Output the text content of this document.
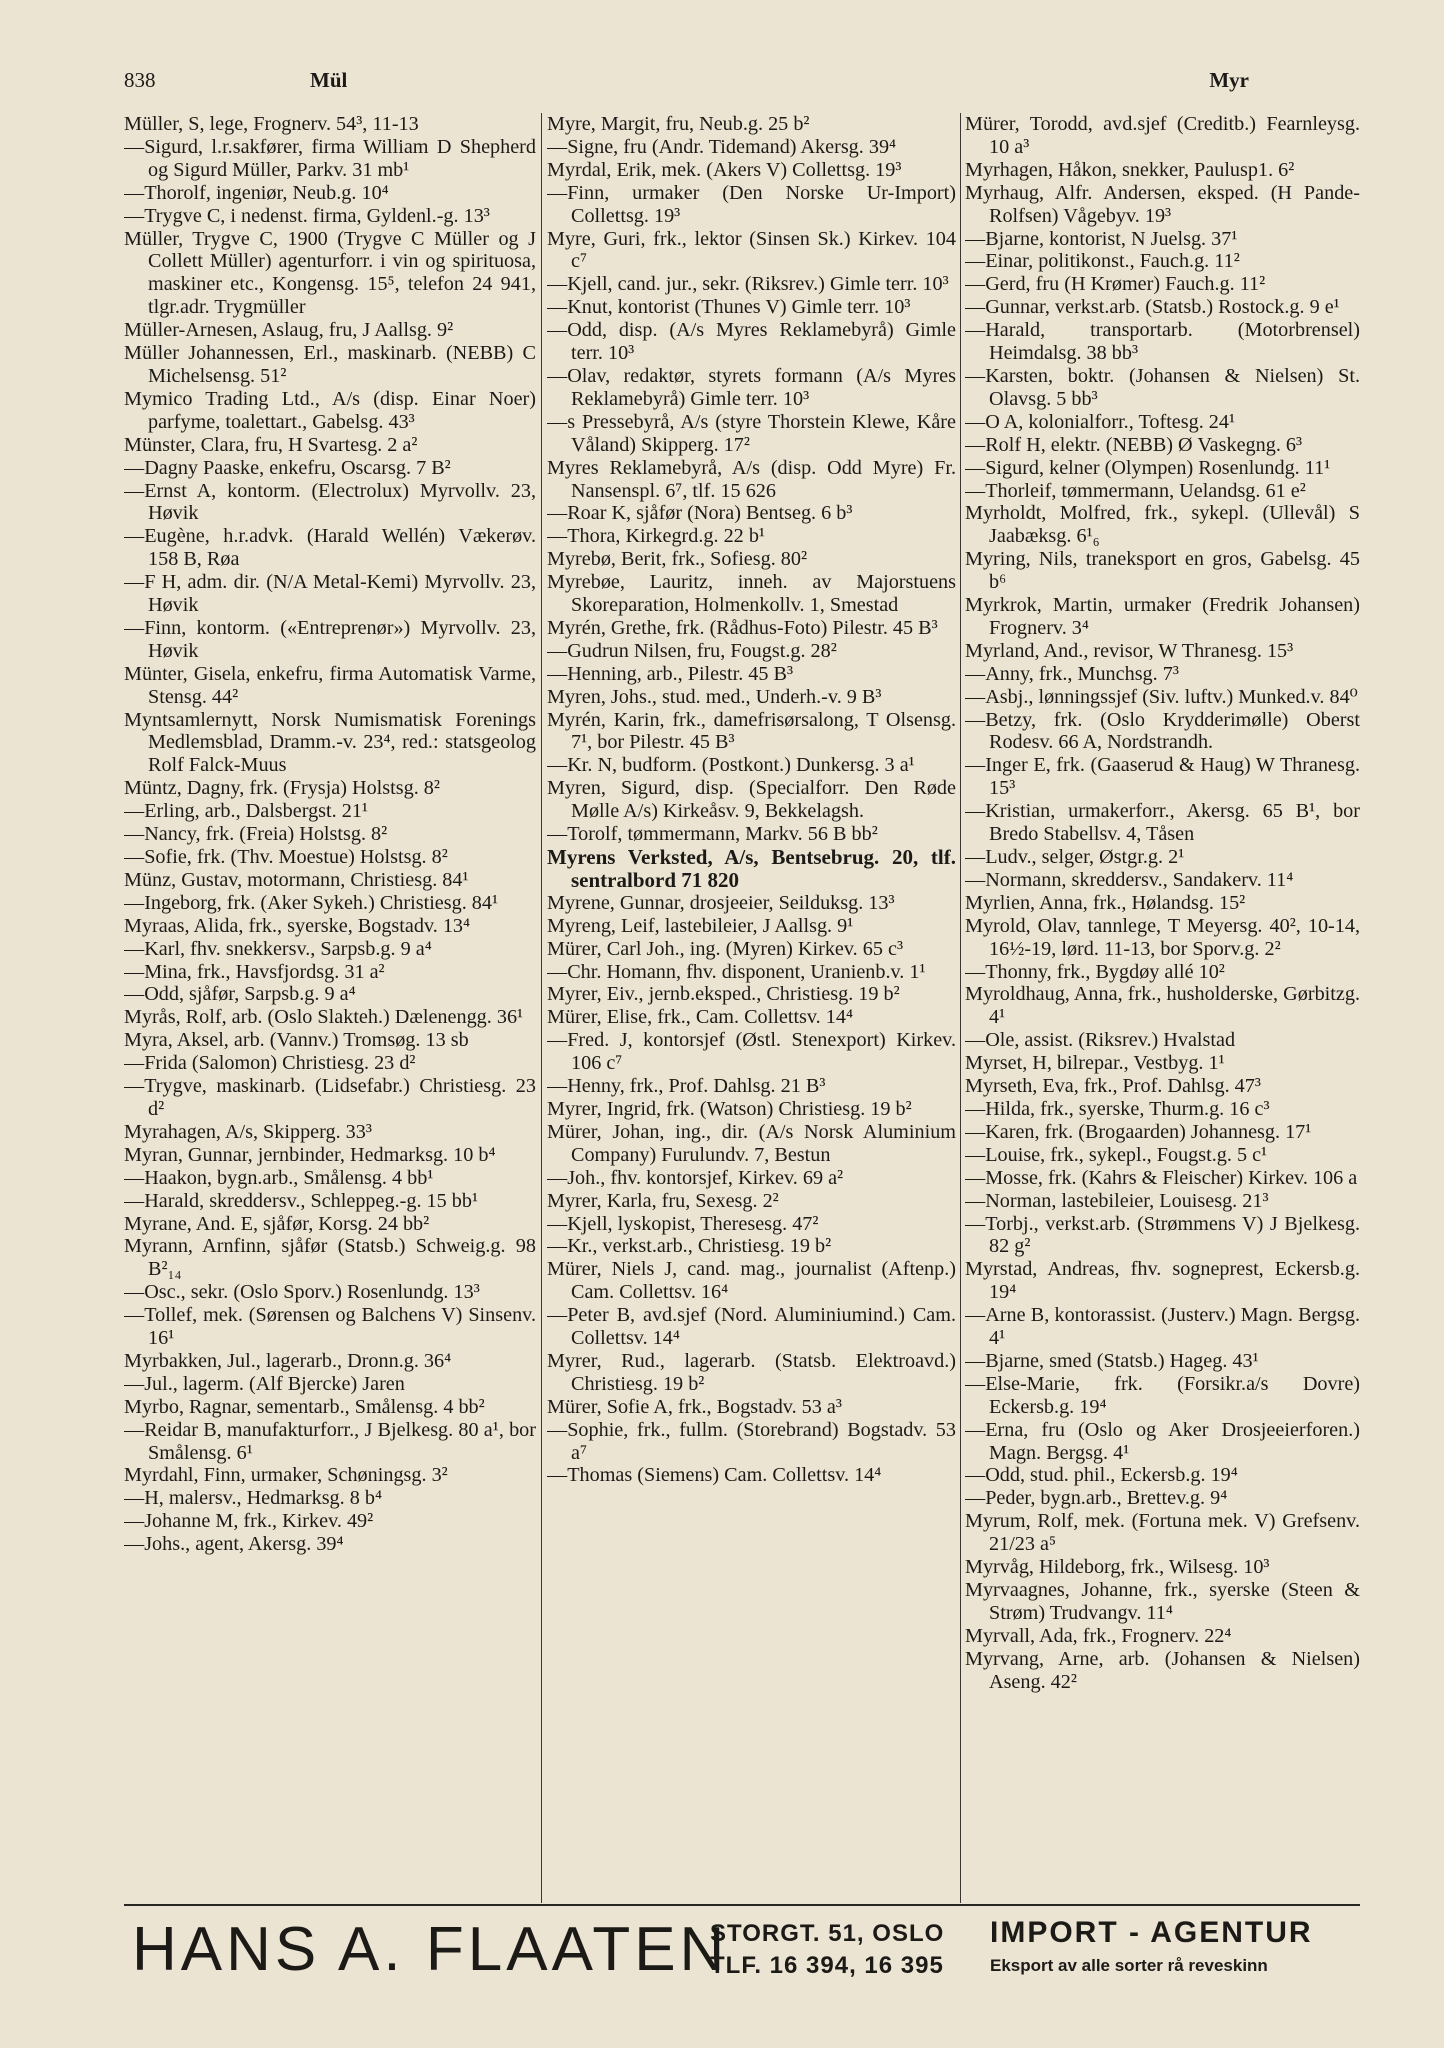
838	Mül	Myr
Müller, S, lege, Frognerv. 54³, 11-13
—Sigurd, l.r.sakfører, firma William D Shepherd og Sigurd Müller, Parkv. 31 mb¹
—Thorolf, ingeniør, Neub.g. 10⁴
—Trygve C, i nedenst. firma, Gyldenl.-g. 13³
Müller, Trygve C, 1900 (Trygve C Müller og J Collett Müller) agenturforr. i vin og spirituosa, maskiner etc., Kongensg. 15⁵, telefon 24 941, tlgr.adr. Trygmüller
Müller-Arnesen, Aslaug, fru, J Aallsg. 9²
Müller Johannessen, Erl., maskinarb. (NEBB) C Michelsensg. 51²
Mymico Trading Ltd., A/s (disp. Einar Noer) parfyme, toalettart., Gabelsg. 43³
Münster, Clara, fru, H Svartesg. 2 a²
—Dagny Paaske, enkefru, Oscarsg. 7 B²
—Ernst A, kontorm. (Electrolux) Myrvollv. 23, Høvik
—Eugène, h.r.advk. (Harald Wellén) Vækerøv. 158 B, Røa
—F H, adm. dir. (N/A Metal-Kemi) Myrvollv. 23, Høvik
—Finn, kontorm. («Entreprenør») Myrvollv. 23, Høvik
Münter, Gisela, enkefru, firma Automatisk Varme, Stensg. 44²
Myntsamlernytt, Norsk Numismatisk Forenings Medlemsblad, Dramm.-v. 23⁴, red.: statsgeolog Rolf Falck-Muus
Müntz, Dagny, frk. (Frysja) Holstsg. 8²
—Erling, arb., Dalsbergst. 21¹
—Nancy, frk. (Freia) Holstsg. 8²
—Sofie, frk. (Thv. Moestue) Holstsg. 8²
Münz, Gustav, motormann, Christiesg. 84¹
—Ingeborg, frk. (Aker Sykeh.) Christiesg. 84¹
Myraas, Alida, frk., syerske, Bogstadv. 13⁴
—Karl, fhv. snekkersv., Sarpsb.g. 9 a⁴
—Mina, frk., Havsfjordsg. 31 a²
—Odd, sjåfør, Sarpsb.g. 9 a⁴
Myrås, Rolf, arb. (Oslo Slakteh.) Dælenengg. 36¹
Myra, Aksel, arb. (Vannv.) Tromsøg. 13 sb
—Frida (Salomon) Christiesg. 23 d²
—Trygve, maskinarb. (Lidsefabr.) Christiesg. 23 d²
Myrahagen, A/s, Skipperg. 33³
Myran, Gunnar, jernbinder, Hedmarksg. 10 b⁴
—Haakon, bygn.arb., Smålensg. 4 bb¹
—Harald, skreddersv., Schleppeg.-g. 15 bb¹
Myrane, And. E, sjåfør, Korsg. 24 bb²
Myrann, Arnfinn, sjåfør (Statsb.) Schweig.g. 98 B²₁₄
—Osc., sekr. (Oslo Sporv.) Rosenlundg. 13³
—Tollef, mek. (Sørensen og Balchens V) Sinsenv. 16¹
Myrbakken, Jul., lagerarb., Dronn.g. 36⁴
—Jul., lagerm. (Alf Bjercke) Jaren
Myrbo, Ragnar, sementarb., Smålensg. 4 bb²
—Reidar B, manufakturforr., J Bjelkesg. 80 a¹, bor Smålensg. 6¹
Myrdahl, Finn, urmaker, Schøningsg. 3²
—H, malersv., Hedmarksg. 8 b⁴
—Johanne M, frk., Kirkev. 49²
—Johs., agent, Akersg. 39⁴
Myre, Margit, fru, Neub.g. 25 b²
—Signe, fru (Andr. Tidemand) Akersg. 39⁴
Myrdal, Erik, mek. (Akers V) Collettsg. 19³
—Finn, urmaker (Den Norske Ur-Import) Collettsg. 19³
Myre, Guri, frk., lektor (Sinsen Sk.) Kirkev. 104 c⁷
—Kjell, cand. jur., sekr. (Riksrev.) Gimle terr. 10³
—Knut, kontorist (Thunes V) Gimle terr. 10³
—Odd, disp. (A/s Myres Reklamebyrå) Gimle terr. 10³
—Olav, redaktør, styrets formann (A/s Myres Reklamebyrå) Gimle terr. 10³
—s Pressebyrå, A/s (styre Thorstein Klewe, Kåre Våland) Skipperg. 17²
Myres Reklamebyrå, A/s (disp. Odd Myre) Fr. Nansenspl. 6⁷, tlf. 15 626
—Roar K, sjåfør (Nora) Bentseg. 6 b³
—Thora, Kirkegrd.g. 22 b¹
Myrebø, Berit, frk., Sofiesg. 80²
Myrebøe, Lauritz, inneh. av Majorstuens Skoreparation, Holmenkollv. 1, Smestad
Myrén, Grethe, frk. (Rådhus-Foto) Pilestr. 45 B³
—Gudrun Nilsen, fru, Fougst.g. 28²
—Henning, arb., Pilestr. 45 B³
Myren, Johs., stud. med., Underh.-v. 9 B³
Myrén, Karin, frk., damefrisørsalong, T Olsensg. 7¹, bor Pilestr. 45 B³
—Kr. N, budform. (Postkont.) Dunkersg. 3 a¹
Myren, Sigurd, disp. (Specialforr. Den Røde Mølle A/s) Kirkeåsv. 9, Bekkelagsh.
—Torolf, tømmermann, Markv. 56 B bb²
Myrens Verksted, A/s, Bentsebrug. 20, tlf. sentralbord 71 820
Myrene, Gunnar, drosjeeier, Seilduksg. 13³
Myreng, Leif, lastebileier, J Aallsg. 9¹
Mürer, Carl Joh., ing. (Myren) Kirkev. 65 c³
—Chr. Homann, fhv. disponent, Uranienb.v. 1¹
Myrer, Eiv., jernb.eksped., Christiesg. 19 b²
Mürer, Elise, frk., Cam. Collettsv. 14⁴
—Fred. J, kontorsjef (Østl. Stenexport) Kirkev. 106 c⁷
—Henny, frk., Prof. Dahlsg. 21 B³
Myrer, Ingrid, frk. (Watson) Christiesg. 19 b²
Mürer, Johan, ing., dir. (A/s Norsk Aluminium Company) Furulundv. 7, Bestun
—Joh., fhv. kontorsjef, Kirkev. 69 a²
Myrer, Karla, fru, Sexesg. 2²
—Kjell, lyskopist, Theresesg. 47²
—Kr., verkst.arb., Christiesg. 19 b²
Mürer, Niels J, cand. mag., journalist (Aftenp.) Cam. Collettsv. 16⁴
—Peter B, avd.sjef (Nord. Aluminiumind.) Cam. Collettsv. 14⁴
Myrer, Rud., lagerarb. (Statsb. Elektroavd.) Christiesg. 19 b²
Mürer, Sofie A, frk., Bogstadv. 53 a³
—Sophie, frk., fullm. (Storebrand) Bogstadv. 53 a⁷
—Thomas (Siemens) Cam. Collettsv. 14⁴
Mürer, Torodd, avd.sjef (Creditb.) Fearnleysg. 10 a³
Myrhagen, Håkon, snekker, Paulusp1. 6²
Myrhaug, Alfr. Andersen, eksped. (H Pande-Rolfsen) Vågebyv. 19³
—Bjarne, kontorist, N Juelsg. 37¹
—Einar, politikonst., Fauch.g. 11²
—Gerd, fru (H Krømer) Fauch.g. 11²
—Gunnar, verkst.arb. (Statsb.) Rostock.g. 9 e¹
—Harald, transportarb. (Motorbrensel) Heimdalsg. 38 bb³
—Karsten, boktr. (Johansen & Nielsen) St. Olavsg. 5 bb³
—O A, kolonialforr., Toftesg. 24¹
—Rolf H, elektr. (NEBB) Ø Vaskegng. 6³
—Sigurd, kelner (Olympen) Rosenlundg. 11¹
—Thorleif, tømmermann, Uelandsg. 61 e²
Myrholdt, Molfred, frk., sykepl. (Ullevål) S Jaabæksg. 6¹₆
Myring, Nils, traneksport en gros, Gabelsg. 45 b⁶
Myrkrok, Martin, urmaker (Fredrik Johansen) Frognerv. 3⁴
Myrland, And., revisor, W Thranesg. 15³
—Anny, frk., Munchsg. 7³
—Asbj., lønningssjef (Siv. luftv.) Munked.v. 84⁰
—Betzy, frk. (Oslo Krydderimølle) Oberst Rodesv. 66 A, Nordstrandh.
—Inger E, frk. (Gaaserud & Haug) W Thranesg. 15³
—Kristian, urmakerforr., Akersg. 65 B¹, bor Bredo Stabellsv. 4, Tåsen
—Ludv., selger, Østgr.g. 2¹
—Normann, skreddersv., Sandakerv. 11⁴
Myrlien, Anna, frk., Hølandsg. 15²
Myrold, Olav, tannlege, T Meyersg. 40², 10-14, 16½-19, lørd. 11-13, bor Sporv.g. 2²
—Thonny, frk., Bygdøy allé 10²
Myroldhaug, Anna, frk., husholderske, Gørbitzg. 4¹
—Ole, assist. (Riksrev.) Hvalstad
Myrset, H, bilrepar., Vestbyg. 1¹
Myrseth, Eva, frk., Prof. Dahlsg. 47³
—Hilda, frk., syerske, Thurm.g. 16 c³
—Karen, frk. (Brogaarden) Johannesg. 17¹
—Louise, frk., sykepl., Fougst.g. 5 c¹
—Mosse, frk. (Kahrs & Fleischer) Kirkev. 106 a
—Norman, lastebileier, Louisesg. 21³
—Torbj., verkst.arb. (Strømmens V) J Bjelkesg. 82 g²
Myrstad, Andreas, fhv. sogneprest, Eckersb.g. 19⁴
—Arne B, kontorassist. (Justerv.) Magn. Bergsg. 4¹
—Bjarne, smed (Statsb.) Hageg. 43¹
—Else-Marie, frk. (Forsikr.a/s Dovre) Eckersb.g. 19⁴
—Erna, fru (Oslo og Aker Drosjeeierforen.) Magn. Bergsg. 4¹
—Odd, stud. phil., Eckersb.g. 19⁴
—Peder, bygn.arb., Brettev.g. 9⁴
Myrum, Rolf, mek. (Fortuna mek. V) Grefsenv. 21/23 a⁵
Myrvåg, Hildeborg, frk., Wilsesg. 10³
Myrvaagnes, Johanne, frk., syerske (Steen & Strøm) Trudvangv. 11⁴
Myrvall, Ada, frk., Frognerv. 22⁴
Myrvang, Arne, arb. (Johansen & Nielsen) Aseng. 42²
HANS A. FLAATEN
STORGT. 51, OSLO
TLF. 16 394, 16 395
IMPORT - AGENTUR
Eksport av alle sorter rå reveskinn
